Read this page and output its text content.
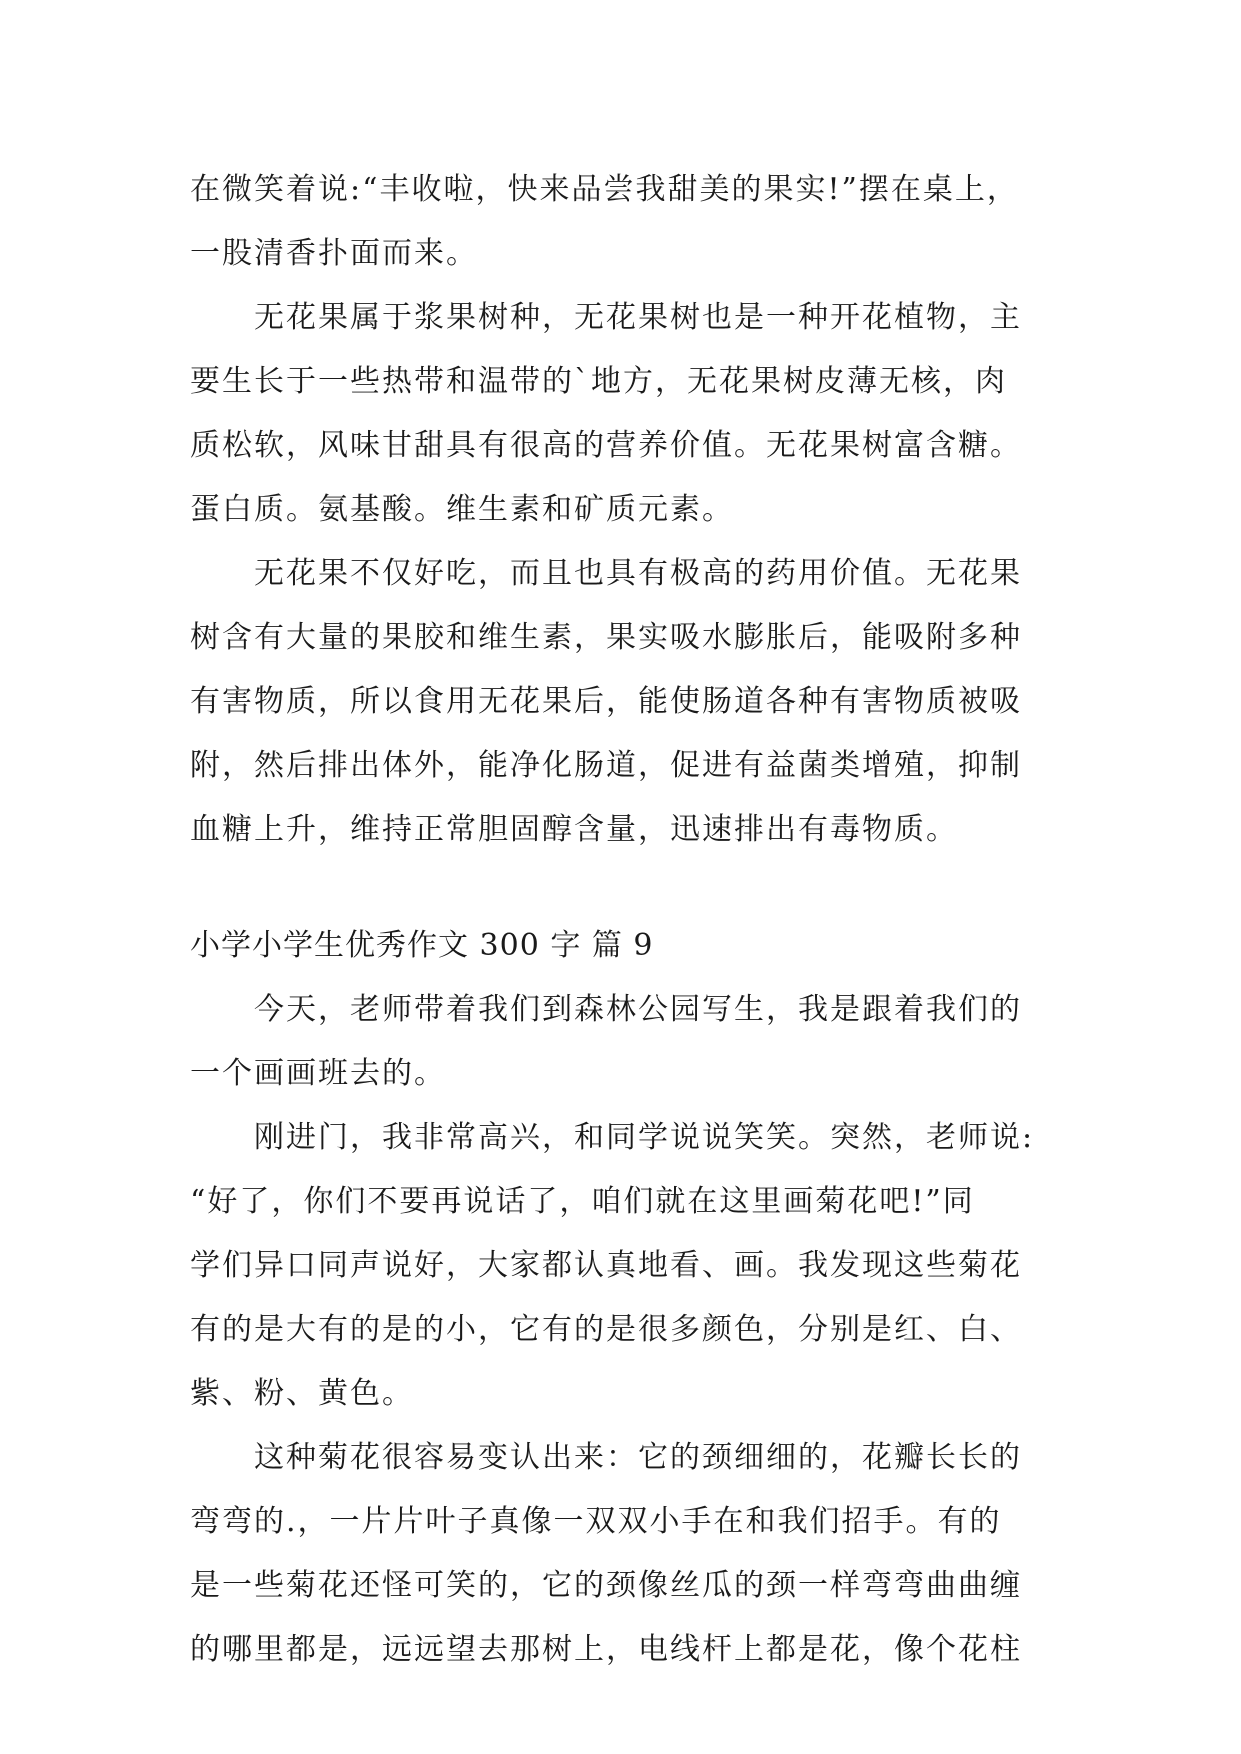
在微笑着说:“丰收啦，快来品尝我甜美的果实!”摆在桌上，
一股清香扑面而来。
无花果属于浆果树种，无花果树也是一种开花植物，主
要生长于一些热带和温带的`地方，无花果树皮薄无核，肉
质松软，风味甘甜具有很高的营养价值。无花果树富含糖。
蛋白质。氨基酸。维生素和矿质元素。
无花果不仅好吃，而且也具有极高的药用价值。无花果
树含有大量的果胶和维生素，果实吸水膨胀后，能吸附多种
有害物质，所以食用无花果后，能使肠道各种有害物质被吸
附，然后排出体外，能净化肠道，促进有益菌类增殖，抑制
血糖上升，维持正常胆固醇含量，迅速排出有毒物质。
小学小学生优秀作文 300 字 篇 9
今天，老师带着我们到森林公园写生，我是跟着我们的
一个画画班去的。
刚进门，我非常高兴，和同学说说笑笑。突然，老师说:
“好了，你们不要再说话了，咱们就在这里画菊花吧!”同
学们异口同声说好，大家都认真地看、画。我发现这些菊花
有的是大有的是的小，它有的是很多颜色，分别是红、白、
紫、粉、黄色。
这种菊花很容易变认出来：它的颈细细的，花瓣长长的
弯弯的.，一片片叶子真像一双双小手在和我们招手。有的
是一些菊花还怪可笑的，它的颈像丝瓜的颈一样弯弯曲曲缠
的哪里都是，远远望去那树上，电线杆上都是花，像个花柱
